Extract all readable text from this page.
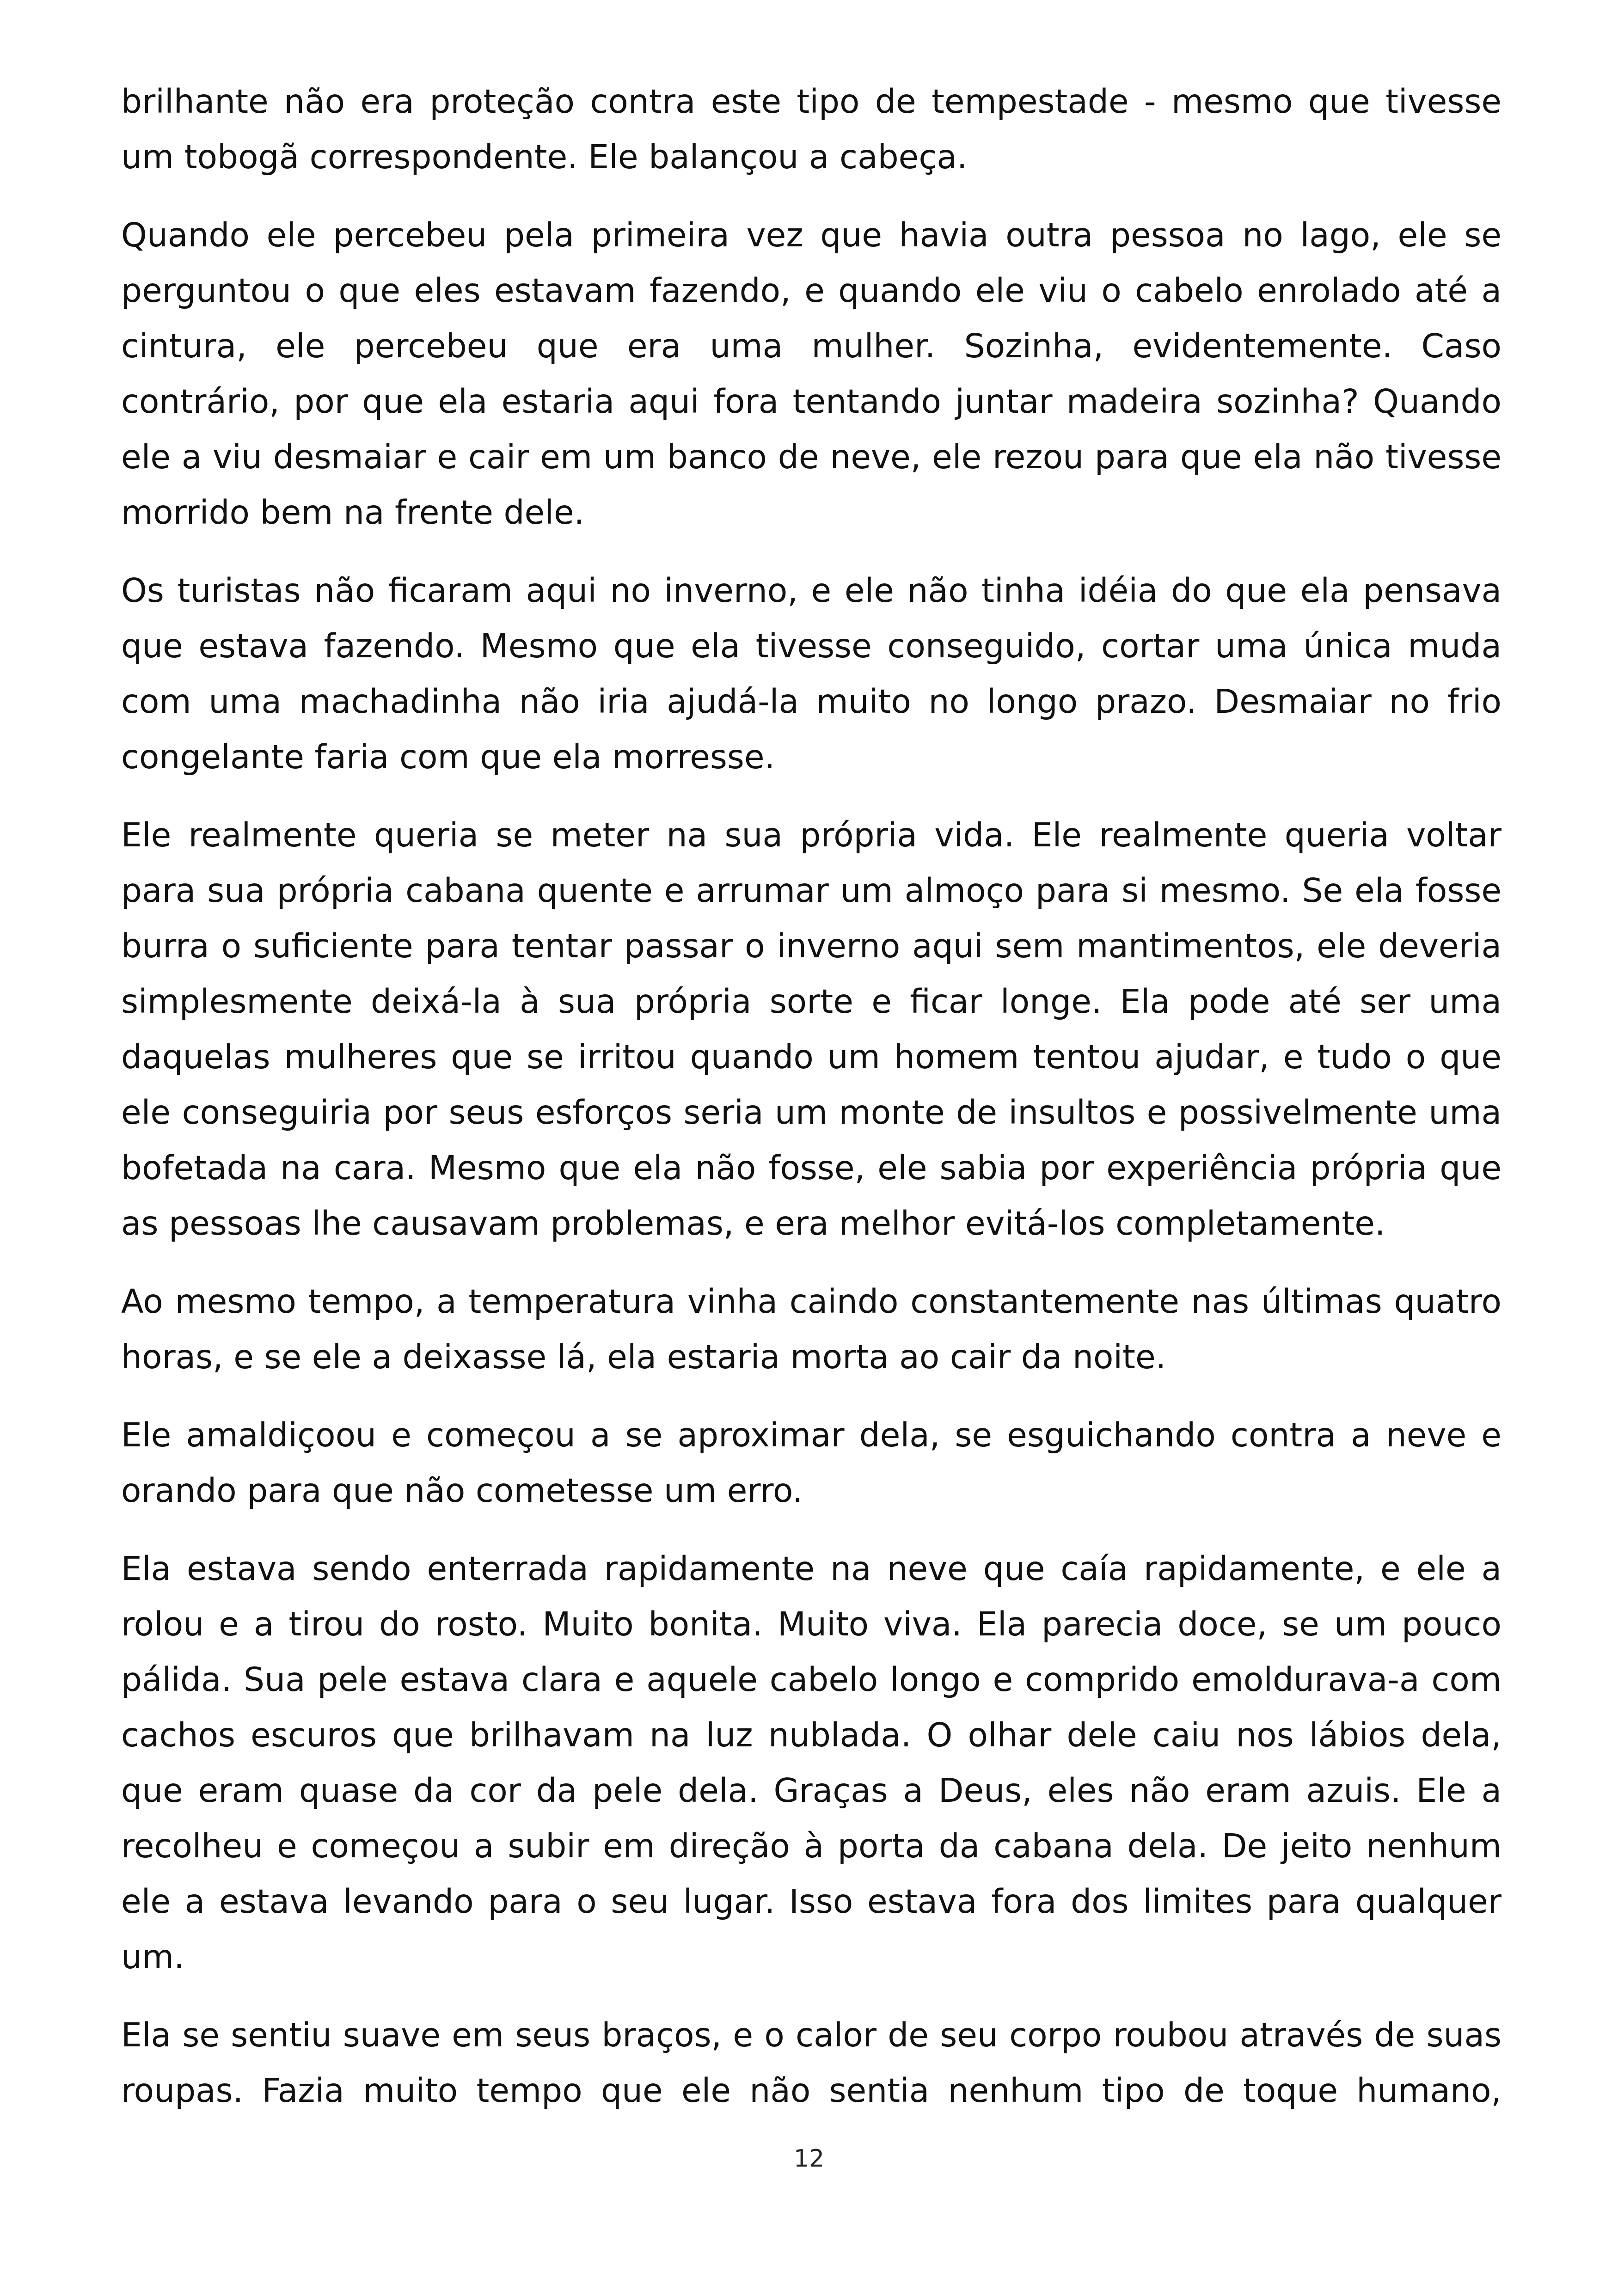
brilhante não era proteção contra este tipo de tempestade - mesmo que tivesse um tobogã correspondente. Ele balançou a cabeça.

Quando ele percebeu pela primeira vez que havia outra pessoa no lago, ele se perguntou o que eles estavam fazendo, e quando ele viu o cabelo enrolado até a cintura, ele percebeu que era uma mulher. Sozinha, evidentemente. Caso contrário, por que ela estaria aqui fora tentando juntar madeira sozinha? Quando ele a viu desmaiar e cair em um banco de neve, ele rezou para que ela não tivesse morrido bem na frente dele.

Os turistas não ficaram aqui no inverno, e ele não tinha idéia do que ela pensava que estava fazendo. Mesmo que ela tivesse conseguido, cortar uma única muda com uma machadinha não iria ajudá-la muito no longo prazo. Desmaiar no frio congelante faria com que ela morresse.

Ele realmente queria se meter na sua própria vida. Ele realmente queria voltar para sua própria cabana quente e arrumar um almoço para si mesmo. Se ela fosse burra o suficiente para tentar passar o inverno aqui sem mantimentos, ele deveria simplesmente deixá-la à sua própria sorte e ficar longe. Ela pode até ser uma daquelas mulheres que se irritou quando um homem tentou ajudar, e tudo o que ele conseguiria por seus esforços seria um monte de insultos e possivelmente uma bofetada na cara. Mesmo que ela não fosse, ele sabia por experiência própria que as pessoas lhe causavam problemas, e era melhor evitá-los completamente.

Ao mesmo tempo, a temperatura vinha caindo constantemente nas últimas quatro horas, e se ele a deixasse lá, ela estaria morta ao cair da noite.

Ele amaldiçoou e começou a se aproximar dela, se esguichando contra a neve e orando para que não cometesse um erro.

Ela estava sendo enterrada rapidamente na neve que caía rapidamente, e ele a rolou e a tirou do rosto. Muito bonita. Muito viva. Ela parecia doce, se um pouco pálida. Sua pele estava clara e aquele cabelo longo e comprido emoldurava-a com cachos escuros que brilhavam na luz nublada. O olhar dele caiu nos lábios dela, que eram quase da cor da pele dela. Graças a Deus, eles não eram azuis. Ele a recolheu e começou a subir em direção à porta da cabana dela. De jeito nenhum ele a estava levando para o seu lugar. Isso estava fora dos limites para qualquer um.

Ela se sentiu suave em seus braços, e o calor de seu corpo roubou através de suas roupas. Fazia muito tempo que ele não sentia nenhum tipo de toque humano,

12
